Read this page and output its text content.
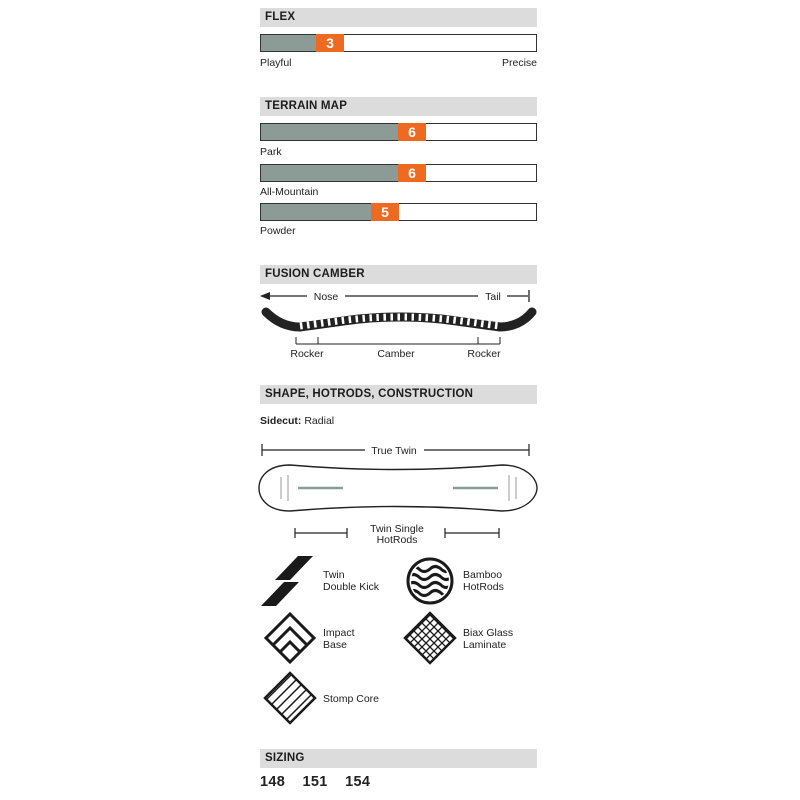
FLEX
3
Playful	Precise
TERRAIN MAP
6
Park
6
All-Mountain
5
Powder
FUSION CAMBER
Nose	Tail
Rocker	Camber	Rocker
SHAPE, HOTRODS, CONSTRUCTION
Sidecut: Radial
True Twin
Twin Single
HotRods
Twin
Double Kick
Bamboo
HotRods
Impact
Base
Biax Glass
Laminate
Stomp Core
SIZING
148 151 154
